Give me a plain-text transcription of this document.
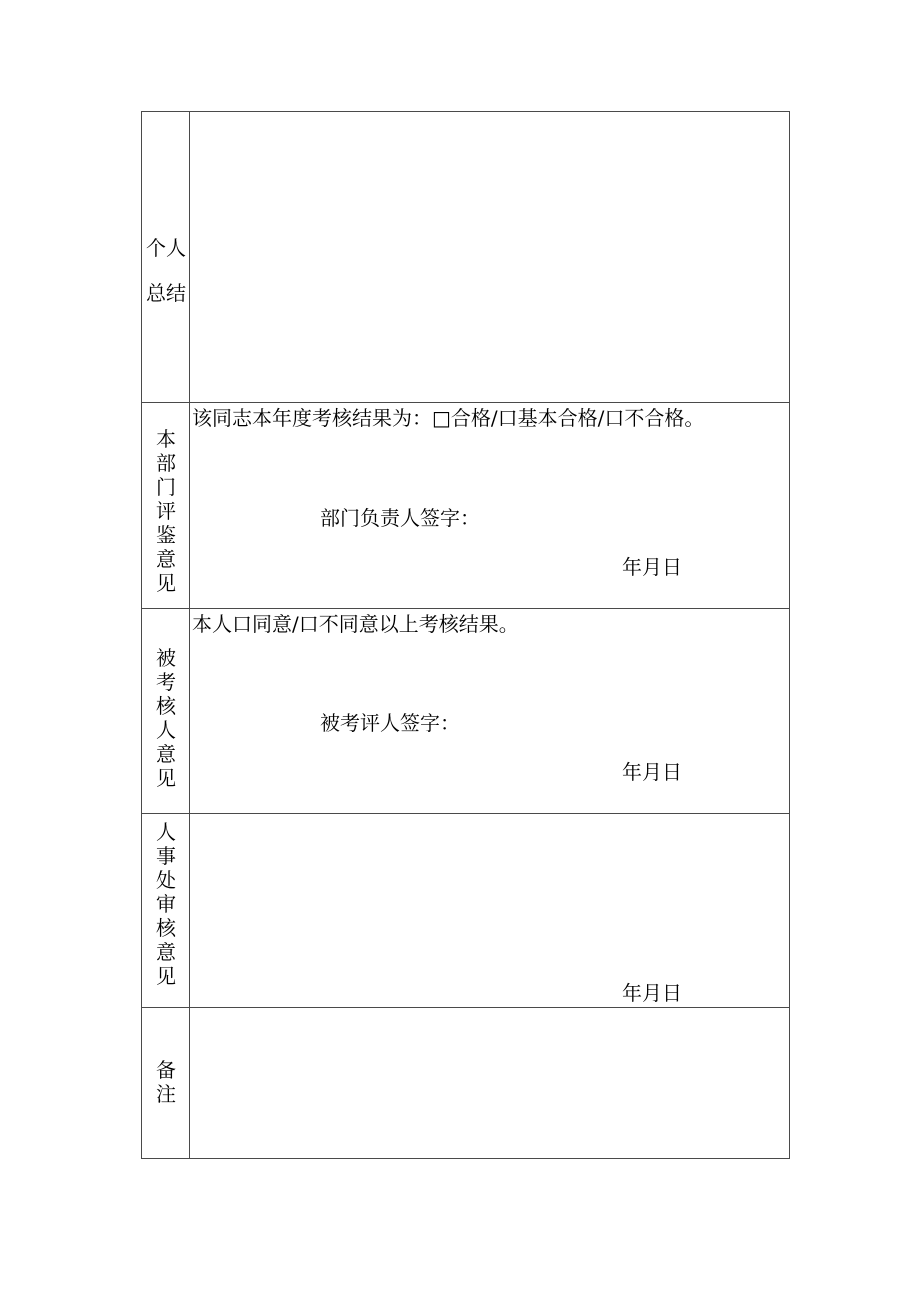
个人
总结
本
部
门
评
鉴
意
见
该同志本年度考核结果为：□合格/口基本合格/口不合格。
部门负责人签字：
年月日
被
考
核
人
意
见
本人口同意/口不同意以上考核结果。
被考评人签字：
年月日
人
事
处
审
核
意
见
年月日
备
注
